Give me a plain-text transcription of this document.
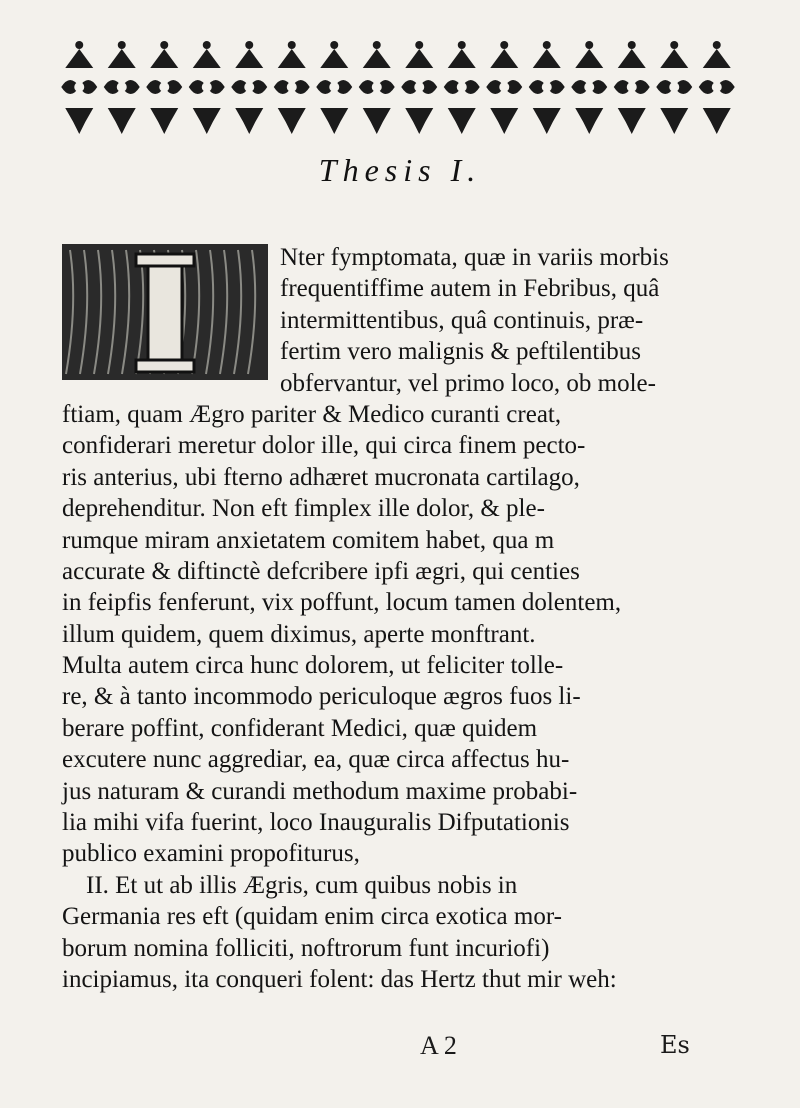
Thesis I.
Nter fymptomata, quæ in variis morbis
frequentiffime autem in Febribus, quâ
intermittentibus, quâ continuis, præ-
fertim vero malignis & peftilentibus
obfervantur, vel primo loco, ob mole-
ftiam, quam Ægro pariter & Medico curanti creat,
confiderari meretur dolor ille, qui circa finem pecto-
ris anterius, ubi fterno adhæret mucronata cartilago,
deprehenditur. Non eft fimplex ille dolor, & ple-
rumque miram anxietatem comitem habet, qua m
accurate & diftinctè defcribere ipfi ægri, qui centies
in feipfis fenferunt, vix poffunt, locum tamen dolentem,
illum quidem, quem diximus, aperte monftrant.
Multa autem circa hunc dolorem, ut feliciter tolle-
re, & à tanto incommodo periculoque ægros fuos li-
berare poffint, confiderant Medici, quæ quidem
excutere nunc aggrediar, ea, quæ circa affectus hu-
jus naturam & curandi methodum maxime probabi-
lia mihi vifa fuerint, loco Inauguralis Difputationis
publico examini propofiturus,
II. Et ut ab illis Ægris, cum quibus nobis in
Germania res eft (quidam enim circa exotica mor-
borum nomina folliciti, noftrorum funt incuriofi)
incipiamus, ita conqueri folent: das Hertz thut mir weh:
A 2	Es
